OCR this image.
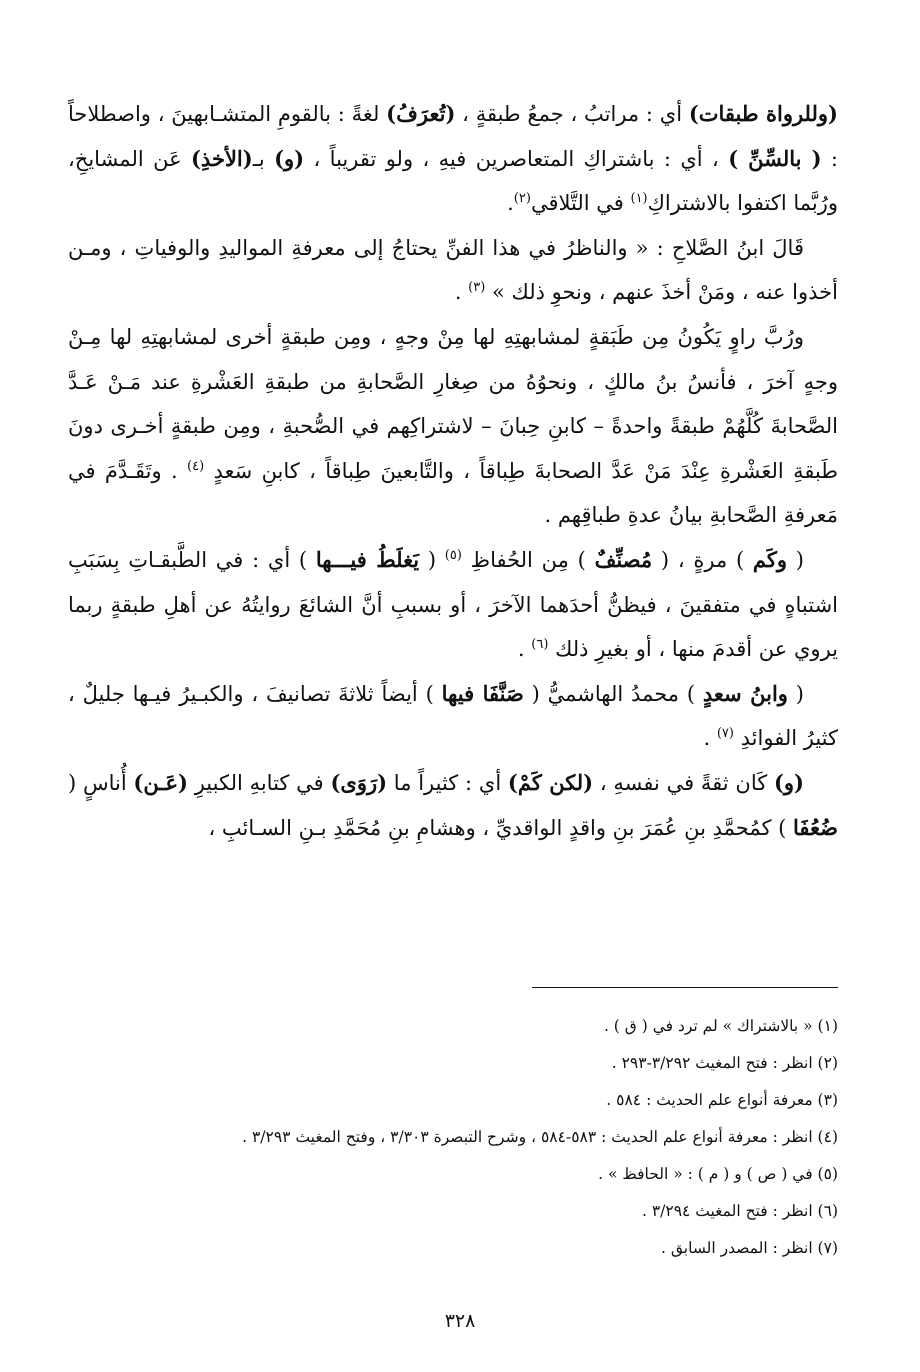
(وللرواة طبقات) أي : مراتبُ ، جمعُ طبقةٍ ، (تُعرَفُ) لغةً : بالقومِ المتشـابهينَ ، واصطلاحاً : ( بالسِّنِّ ) ، أي : باشتراكِ المتعاصرين فيهِ ، ولو تقريباً ، (و) بـ(الأخذِ) عَن المشايخِ، ورُبَّما اكتفوا بالاشتراكِ$^{(١)}$ في التَّلاقي$^{(٢)}$.

قَالَ ابنُ الصَّلاحِ : « والناظرُ في هذا الفنِّ يحتاجُ إلى معرفةِ المواليدِ والوفياتِ ، ومـن أخذوا عنه ، ومَنْ أخذَ عنهم ، ونحوِ ذلك » $^{(٣)}$ .

ورُبَّ راوٍ يَكُونُ مِن طَبَقةٍ لمشابهتِهِ لها مِنْ وجهٍ ، ومِن طبقةٍ أخرى لمشابهتِهِ لها مِـنْ وجهٍ آخرَ ، فأنسُ بنُ مالكٍ ، ونحوُهُ من صِغارِ الصَّحابةِ من طبقةِ العَشْرةِ عند مَـنْ عَـدَّ الصَّحابةَ كُلَّهُمْ طبقةً واحدةً – كابنِ حِبانَ – لاشتراكِهم في الصُّحبةِ ، ومِن طبقةٍ أخـرى دونَ طَبقةِ العَشْرةِ عِنْدَ مَنْ عَدَّ الصحابةَ طِباقاً ، والتَّابعينَ طِباقاً ، كابنِ سَعدٍ $^{(٤)}$ . وتَقَـدَّمَ في مَعرفةِ الصَّحابةِ بيانُ عدةِ طباقِهم .

( وكَم ) مرةٍ ، ( مُصنِّفٌ ) مِن الحُفاظِ $^{(٥)}$ ( يَغلَطُ فيـــها ) أي : في الطَّبقـاتِ بِسَبَبِ اشتباهٍ في متفقينَ ، فيظنُّ أحدَهما الآخرَ ، أو بسببِ أنَّ الشائعَ روايتُهُ عن أهلِ طبقةٍ ربما يروي عن أقدمَ منها ، أو بغيرِ ذلك $^{(٦)}$ .

( وابنُ سعدٍ ) محمدُ الهاشميُّ ( صَنَّفَا فيها ) أيضاً ثلاثةَ تصانيفَ ، والكبـيرُ فيـها جليلٌ ، كثيرُ الفوائدِ $^{(٧)}$ .

(و) كَان ثقةً في نفسهِ ، (لكن كَمْ) أي : كثيراً ما (رَوَى) في كتابهِ الكبيرِ (عَـن) أُناسٍ ( ضُعُفَا ) كمُحمَّدِ بنِ عُمَرَ بنِ واقدٍ الواقديِّ ، وهشامِ بنِ مُحَمَّدِ بـنِ السـائبِ ،

(١) « بالاشتراك » لم ترد في ( ق ) .

(٢) انظر : فتح المغيث ٣/٢٩٢-٢٩٣ .

(٣) معرفة أنواع علم الحديث : ٥٨٤ .

(٤) انظر : معرفة أنواع علم الحديث : ٥٨٣-٥٨٤ ، وشرح التبصرة ٣/٣٠٣ ، وفتح المغيث ٣/٢٩٣ .

(٥) في ( ص ) و ( م ) : « الحافظ » .

(٦) انظر : فتح المغيث ٣/٢٩٤ .

(٧) انظر : المصدر السابق .

٣٢٨
